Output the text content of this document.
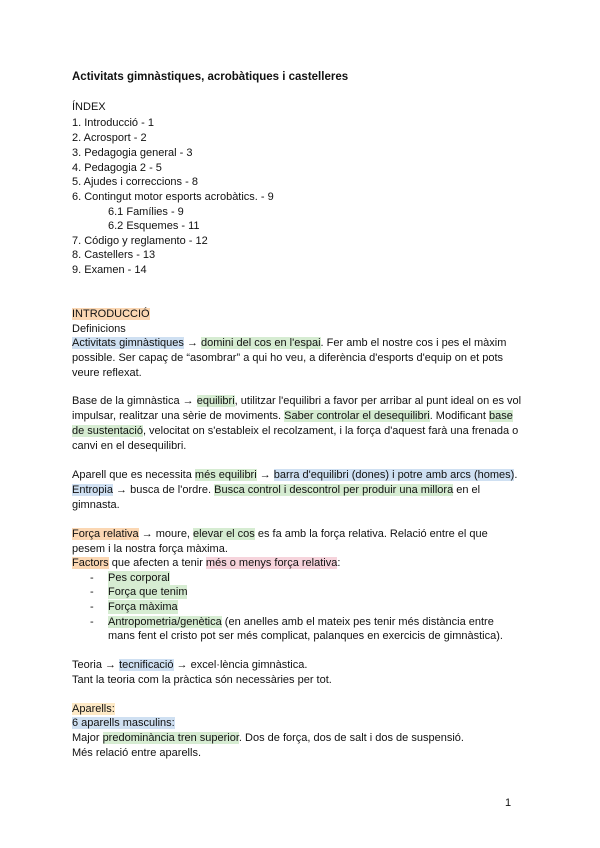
Activitats gimnàstiques, acrobàtiques i castelleres
ÍNDEX
1. Introducció - 1
2. Acrosport - 2
3. Pedagogia general - 3
4. Pedagogia 2 - 5
5. Ajudes i correccions - 8
6. Contingut motor esports acrobàtics. - 9
6.1 Famílies - 9
6.2 Esquemes - 11
7. Código y reglamento - 12
8. Castellers - 13
9. Examen - 14
INTRODUCCIÓ
Definicions
Activitats gimnàstiques → domini del cos en l'espai. Fer amb el nostre cos i pes el màxim
possible. Ser capaç de “asombrar” a qui ho veu, a diferència d'esports d'equip on et pots
veure reflexat.
Base de la gimnàstica → equilibri, utilitzar l'equilibri a favor per arribar al punt ideal on es vol
impulsar, realitzar una sèrie de moviments. Saber controlar el desequilibri. Modificant base
de sustentació, velocitat on s'estableix el recolzament, i la força d'aquest farà una frenada o
canvi en el desequilibri.
Aparell que es necessita més equilibri → barra d'equilibri (dones) i potre amb arcs (homes).
Entropia → busca de l'ordre. Busca control i descontrol per produir una millora en el
gimnasta.
Força relativa → moure, elevar el cos es fa amb la força relativa. Relació entre el que
pesem i la nostra força màxima.
Factors que afecten a tenir més o menys força relativa:
- Pes corporal
- Força que tenim
- Força màxima
- Antropometria/genètica (en anelles amb el mateix pes tenir més distància entre
mans fent el cristo pot ser més complicat, palanques en exercicis de gimnàstica).
Teoria → tecnificació → excel·lència gimnàstica.
Tant la teoria com la pràctica són necessàries per tot.
Aparells:
6 aparells masculins:
Major predominància tren superior. Dos de força, dos de salt i dos de suspensió.
Més relació entre aparells.
1
